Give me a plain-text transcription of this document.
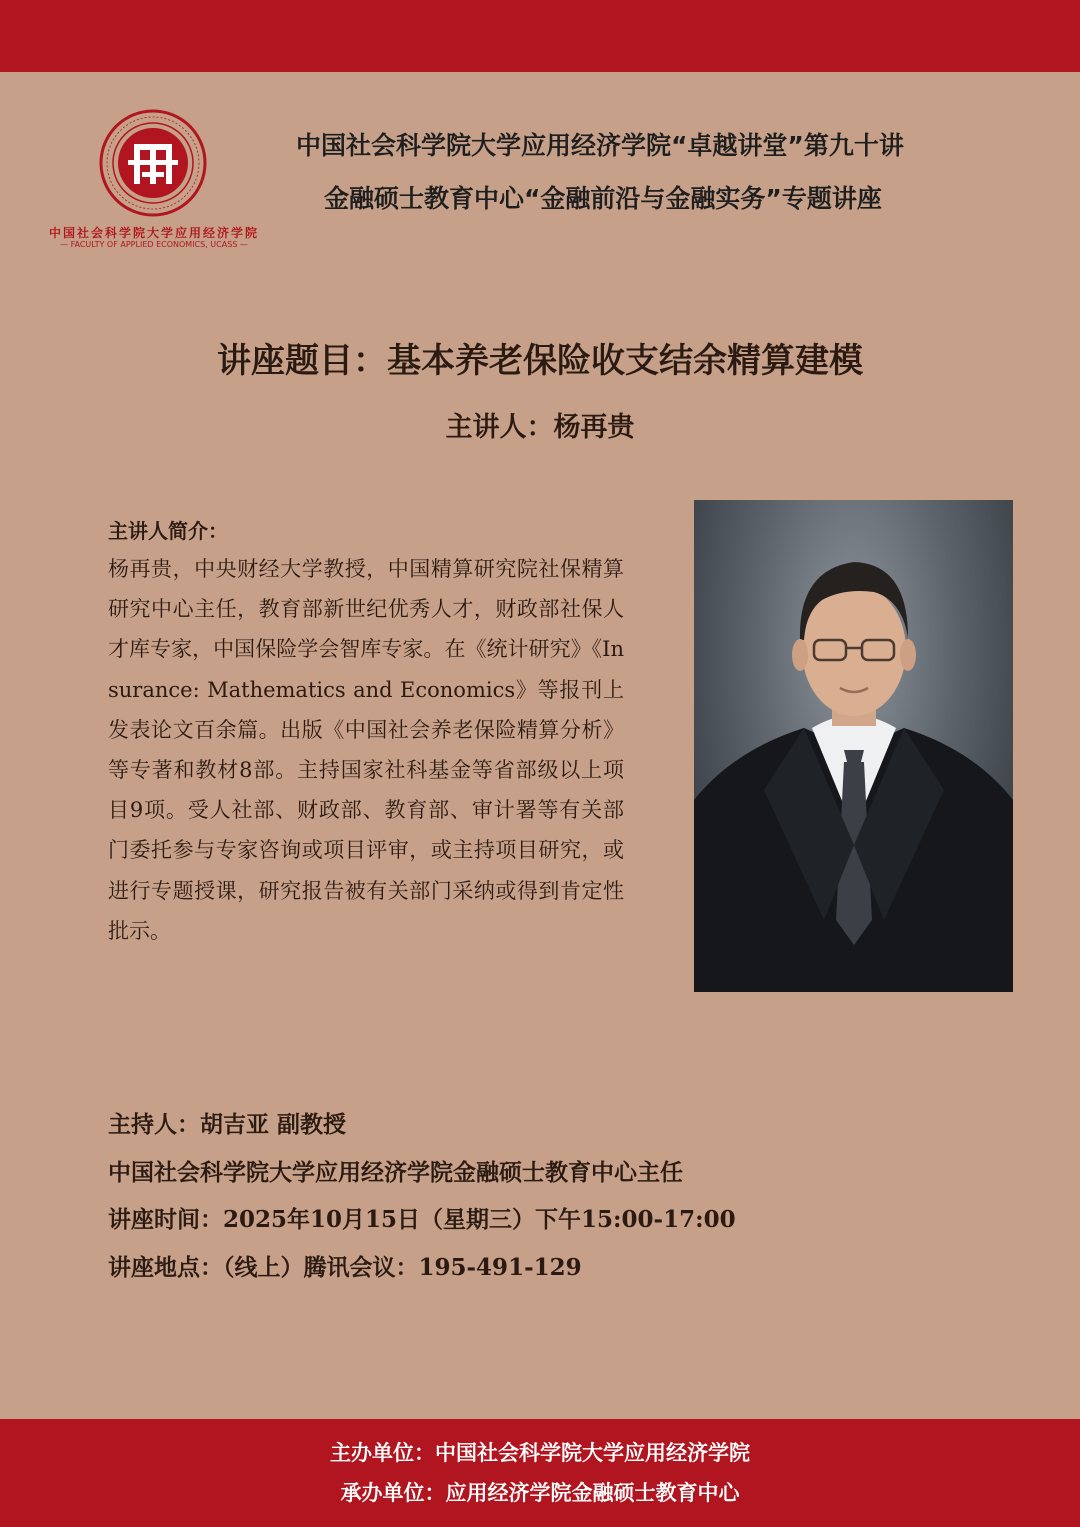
中国社会科学院大学应用经济学院
— FACULTY OF APPLIED ECONOMICS, UCASS —
中国社会科学院大学应用经济学院“卓越讲堂”第九十讲
金融硕士教育中心“金融前沿与金融实务”专题讲座
讲座题目：基本养老保险收支结余精算建模
主讲人：杨再贵
主讲人简介：
杨再贵，中央财经大学教授，中国精算研究院社保精算研究中心主任，教育部新世纪优秀人才，财政部社保人才库专家，中国保险学会智库专家。在《统计研究》《Insurance: Mathematics and Economics》等报刊上发表论文百余篇。出版《中国社会养老保险精算分析》等专著和教材8部。主持国家社科基金等省部级以上项目9项。受人社部、财政部、教育部、审计署等有关部门委托参与专家咨询或项目评审，或主持项目研究，或进行专题授课，研究报告被有关部门采纳或得到肯定性批示。
主持人：胡吉亚 副教授
中国社会科学院大学应用经济学院金融硕士教育中心主任
讲座时间：2025年10月15日（星期三）下午15:00-17:00
讲座地点：（线上）腾讯会议：195-491-129
主办单位：中国社会科学院大学应用经济学院
承办单位：应用经济学院金融硕士教育中心
